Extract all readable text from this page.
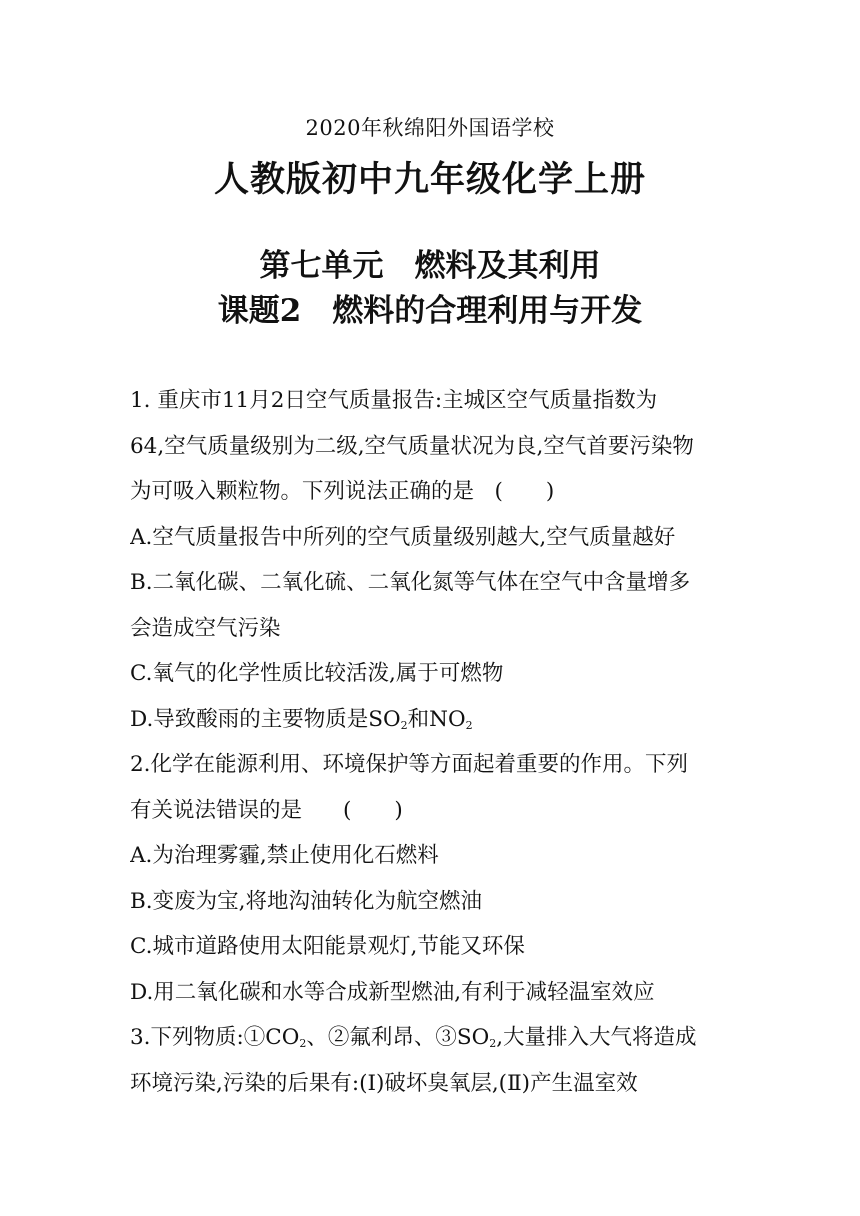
2020年秋绵阳外国语学校
人教版初中九年级化学上册
第七单元　燃料及其利用
课题2　燃料的合理利用与开发
1. 重庆市11月2日空气质量报告:主城区空气质量指数为
64,空气质量级别为二级,空气质量状况为良,空气首要污染物
为可吸入颗粒物。下列说法正确的是 (　　)
A.空气质量报告中所列的空气质量级别越大,空气质量越好
B.二氧化碳、二氧化硫、二氧化氮等气体在空气中含量增多
会造成空气污染
C.氧气的化学性质比较活泼,属于可燃物
D.导致酸雨的主要物质是$SO_2$和$NO_2$
2.化学在能源利用、环境保护等方面起着重要的作用。下列
有关说法错误的是 (　　)
A.为治理雾霾,禁止使用化石燃料
B.变废为宝,将地沟油转化为航空燃油
C.城市道路使用太阳能景观灯,节能又环保
D.用二氧化碳和水等合成新型燃油,有利于减轻温室效应
3.下列物质$:①CO_2$、②氟利昂、$③SO_2$,大量排入大气将造成
环境污染,污染的后果有:(Ⅰ)破坏臭氧层,(Ⅱ)产生温室效
